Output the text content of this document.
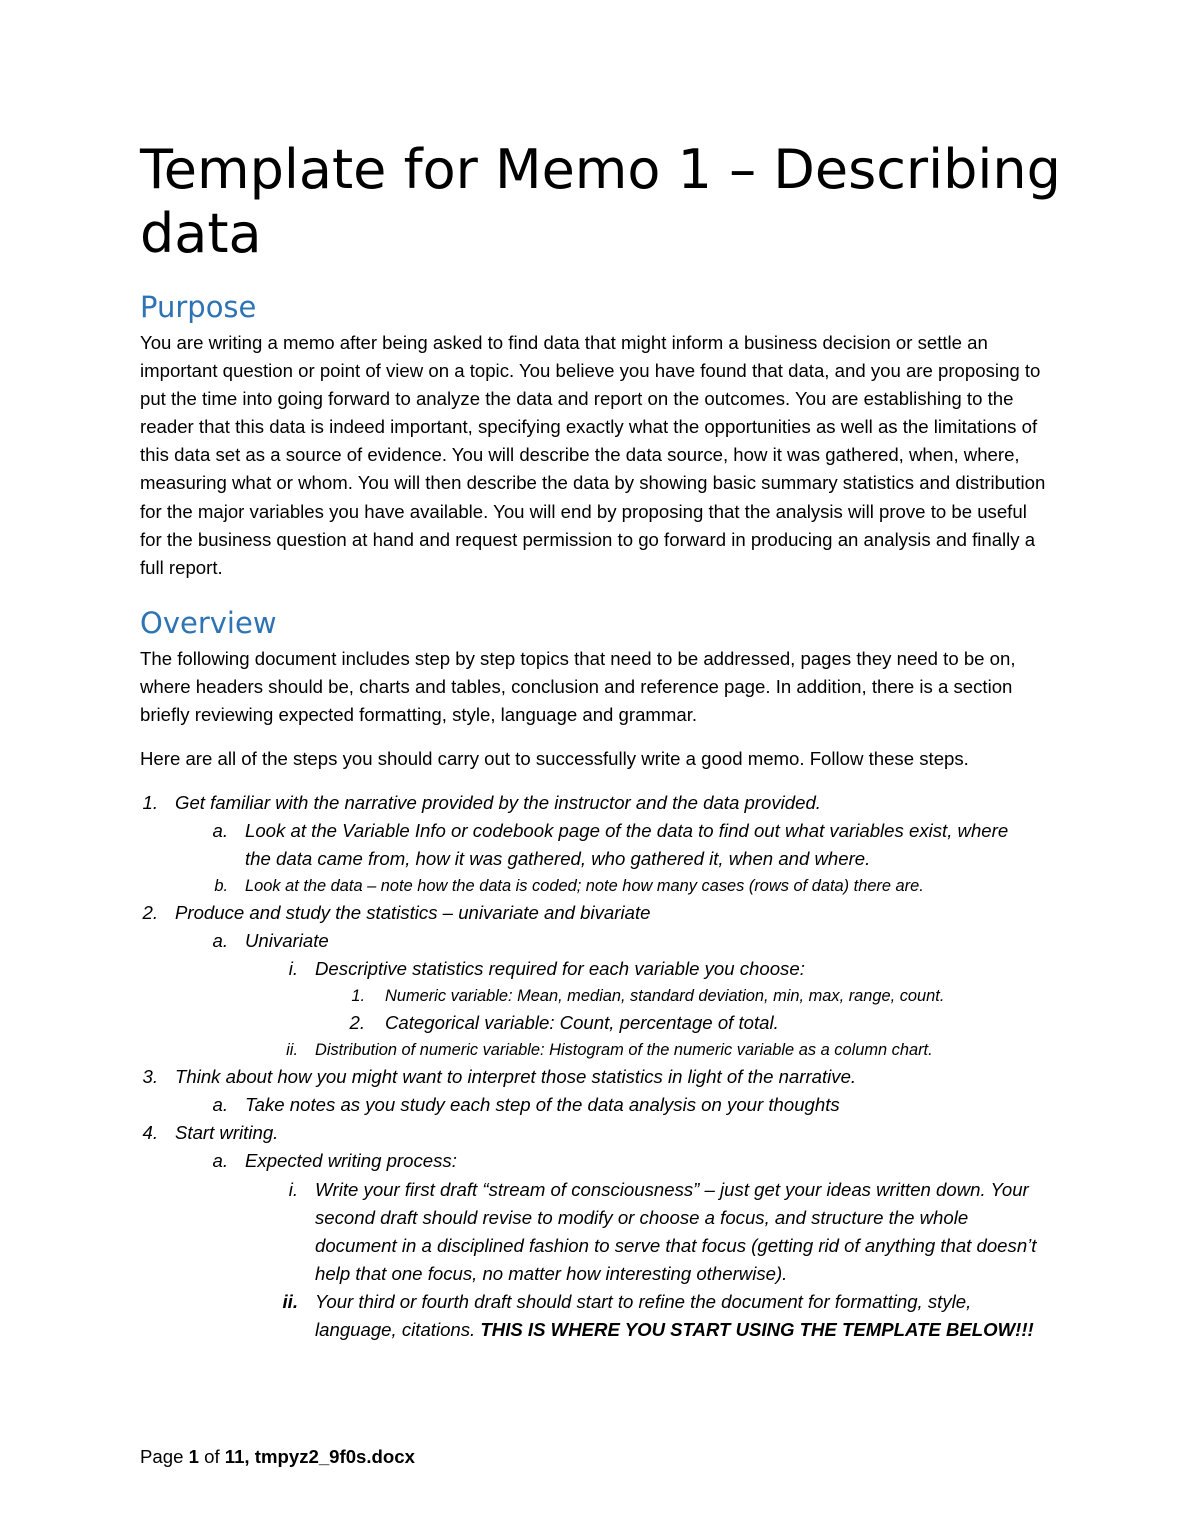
Template for Memo 1 – Describing data
Purpose

You are writing a memo after being asked to find data that might inform a business decision or settle an important question or point of view on a topic. You believe you have found that data, and you are proposing to put the time into going forward to analyze the data and report on the outcomes. You are establishing to the reader that this data is indeed important, specifying exactly what the opportunities as well as the limitations of this data set as a source of evidence. You will describe the data source, how it was gathered, when, where, measuring what or whom. You will then describe the data by showing basic summary statistics and distribution for the major variables you have available. You will end by proposing that the analysis will prove to be useful for the business question at hand and request permission to go forward in producing an analysis and finally a full report.

Overview

The following document includes step by step topics that need to be addressed, pages they need to be on, where headers should be, charts and tables, conclusion and reference page. In addition, there is a section briefly reviewing expected formatting, style, language and grammar.

Here are all of the steps you should carry out to successfully write a good memo. Follow these steps.

1. Get familiar with the narrative provided by the instructor and the data provided.
a. Look at the Variable Info or codebook page of the data to find out what variables exist, where the data came from, how it was gathered, who gathered it, when and where.
b. Look at the data – note how the data is coded; note how many cases (rows of data) there are.
2. Produce and study the statistics – univariate and bivariate
a. Univariate
i. Descriptive statistics required for each variable you choose:
1. Numeric variable: Mean, median, standard deviation, min, max, range, count.
2. Categorical variable: Count, percentage of total.
ii. Distribution of numeric variable: Histogram of the numeric variable as a column chart.
3. Think about how you might want to interpret those statistics in light of the narrative.
a. Take notes as you study each step of the data analysis on your thoughts
4. Start writing.
a. Expected writing process:
i. Write your first draft “stream of consciousness” – just get your ideas written down. Your second draft should revise to modify or choose a focus, and structure the whole document in a disciplined fashion to serve that focus (getting rid of anything that doesn’t help that one focus, no matter how interesting otherwise).
ii. Your third or fourth draft should start to refine the document for formatting, style, language, citations. THIS IS WHERE YOU START USING THE TEMPLATE BELOW!!!
Page 1 of 11, tmpyz2_9f0s.docx
